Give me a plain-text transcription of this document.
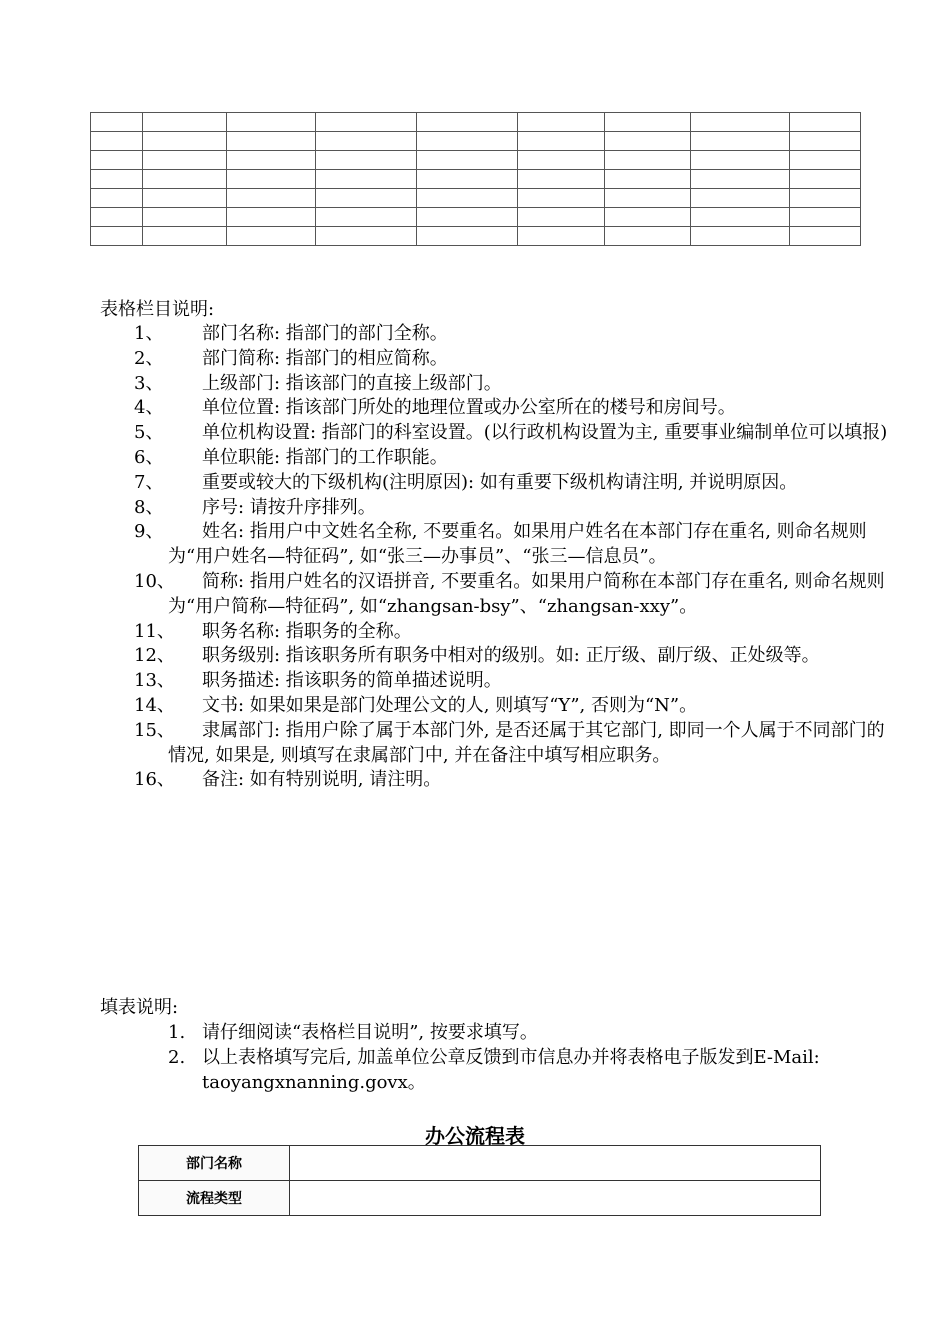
表格栏目说明:

1、 部门名称: 指部门的部门全称。
2、 部门简称: 指部门的相应简称。
3、 上级部门: 指该部门的直接上级部门。
4、 单位位置: 指该部门所处的地理位置或办公室所在的楼号和房间号。
5、 单位机构设置: 指部门的科室设置。(以行政机构设置为主, 重要事业编制单位可以填报)
6、 单位职能: 指部门的工作职能。
7、 重要或较大的下级机构(注明原因): 如有重要下级机构请注明, 并说明原因。
8、 序号: 请按升序排列。
9、 姓名: 指用户中文姓名全称, 不要重名。如果用户姓名在本部门存在重名, 则命名规则为“用户姓名—特征码”, 如“张三—办事员”、“张三—信息员”。
10、 简称: 指用户姓名的汉语拼音, 不要重名。如果用户简称在本部门存在重名, 则命名规则为“用户简称—特征码”, 如“zhangsan-bsy”、“zhangsan-xxy”。
11、 职务名称: 指职务的全称。
12、 职务级别: 指该职务所有职务中相对的级别。如: 正厅级、副厅级、正处级等。
13、 职务描述: 指该职务的简单描述说明。
14、 文书: 如果如果是部门处理公文的人, 则填写“Y”, 否则为“N”。
15、 隶属部门: 指用户除了属于本部门外, 是否还属于其它部门, 即同一个人属于不同部门的情况, 如果是, 则填写在隶属部门中, 并在备注中填写相应职务。
16、 备注: 如有特别说明, 请注明。

填表说明:

1. 请仔细阅读“表格栏目说明”, 按要求填写。
2. 以上表格填写完后, 加盖单位公章反馈到市信息办并将表格电子版发到E-Mail: taoyangxnanning.govx。
办公流程表
部门名称	
流程类型	
